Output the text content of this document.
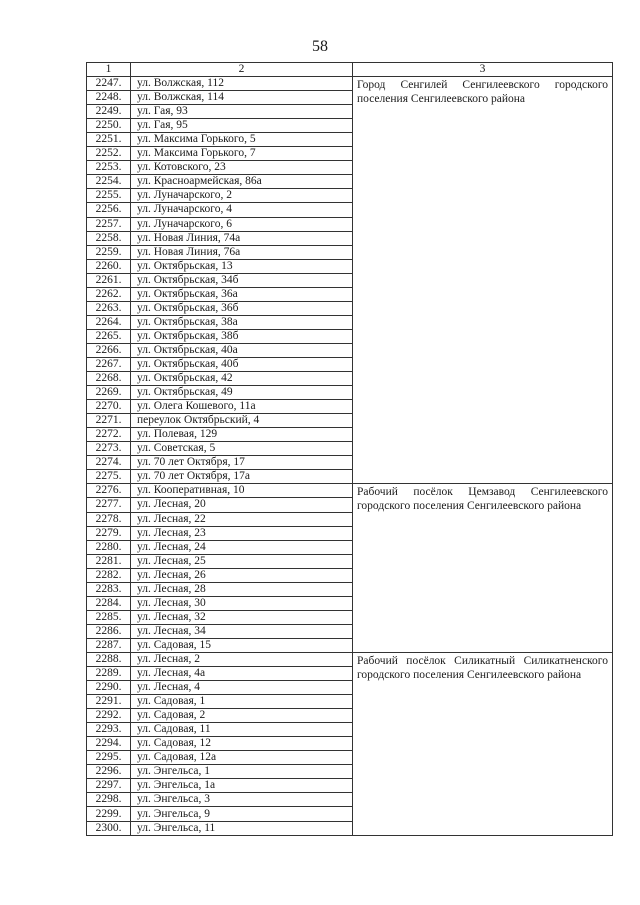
58
1	2	3
2247.	ул. Волжская, 112	Город Сенгилей Сенгилеевского городского поселения Сенгилеевского района
2248.	ул. Волжская, 114	
2249.	ул. Гая, 93	
2250.	ул. Гая, 95	
2251.	ул. Максима Горького, 5	
2252.	ул. Максима Горького, 7	
2253.	ул. Котовского, 23	
2254.	ул. Красноармейская, 86а	
2255.	ул. Луначарского, 2	
2256.	ул. Луначарского, 4	
2257.	ул. Луначарского, 6	
2258.	ул. Новая Линия, 74а	
2259.	ул. Новая Линия, 76а	
2260.	ул. Октябрьская, 13	
2261.	ул. Октябрьская, 34б	
2262.	ул. Октябрьская, 36а	
2263.	ул. Октябрьская, 36б	
2264.	ул. Октябрьская, 38а	
2265.	ул. Октябрьская, 38б	
2266.	ул. Октябрьская, 40а	
2267.	ул. Октябрьская, 40б	
2268.	ул. Октябрьская, 42	
2269.	ул. Октябрьская, 49	
2270.	ул. Олега Кошевого, 11а	
2271.	переулок Октябрьский, 4	
2272.	ул. Полевая, 129	
2273.	ул. Советская, 5	
2274.	ул. 70 лет Октября, 17	
2275.	ул. 70 лет Октября, 17а	
2276.	ул. Кооперативная, 10	Рабочий посёлок Цемзавод Сенгилеевского городского поселения Сенгилеевского района
2277.	ул. Лесная, 20	
2278.	ул. Лесная, 22	
2279.	ул. Лесная, 23	
2280.	ул. Лесная, 24	
2281.	ул. Лесная, 25	
2282.	ул. Лесная, 26	
2283.	ул. Лесная, 28	
2284.	ул. Лесная, 30	
2285.	ул. Лесная, 32	
2286.	ул. Лесная, 34	
2287.	ул. Садовая, 15	
2288.	ул. Лесная, 2	Рабочий посёлок Силикатный Силикатненского городского поселения Сенгилеевского района
2289.	ул. Лесная, 4а	
2290.	ул. Лесная, 4	
2291.	ул. Садовая, 1	
2292.	ул. Садовая, 2	
2293.	ул. Садовая, 11	
2294.	ул. Садовая, 12	
2295.	ул. Садовая, 12а	
2296.	ул. Энгельса, 1	
2297.	ул. Энгельса, 1а	
2298.	ул. Энгельса, 3	
2299.	ул. Энгельса, 9	
2300.	ул. Энгельса, 11	
